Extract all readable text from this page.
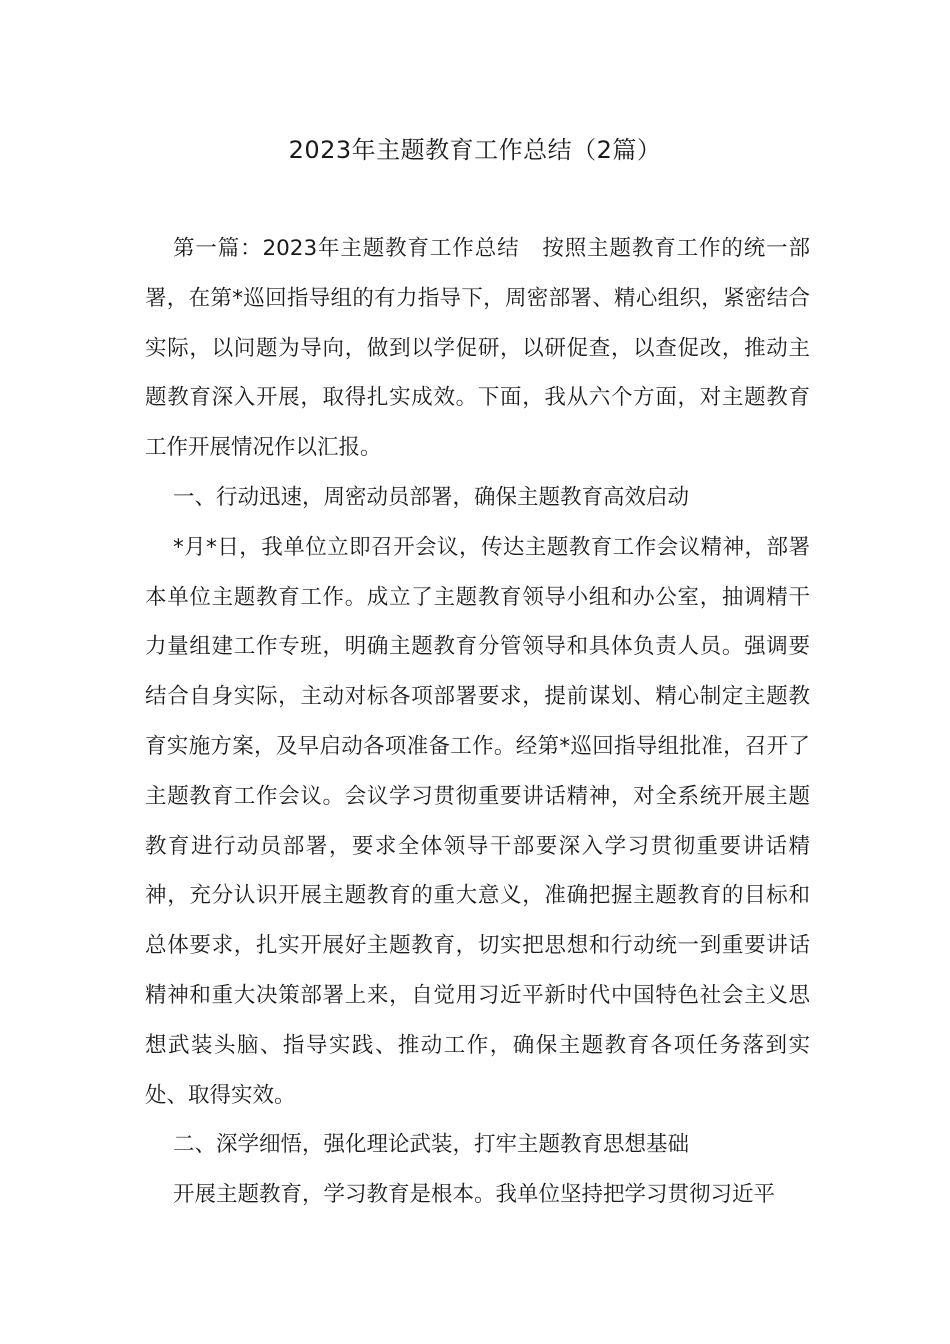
2023年主题教育工作总结（2篇）

第一篇：2023年主题教育工作总结 按照主题教育工作的统一部署，在第*巡回指导组的有力指导下，周密部署、精心组织，紧密结合实际，以问题为导向，做到以学促研，以研促查，以查促改，推动主题教育深入开展，取得扎实成效。下面，我从六个方面，对主题教育工作开展情况作以汇报。

一、行动迅速，周密动员部署，确保主题教育高效启动

*月*日，我单位立即召开会议，传达主题教育工作会议精神，部署本单位主题教育工作。成立了主题教育领导小组和办公室，抽调精干力量组建工作专班，明确主题教育分管领导和具体负责人员。强调要结合自身实际，主动对标各项部署要求，提前谋划、精心制定主题教育实施方案，及早启动各项准备工作。经第*巡回指导组批准，召开了主题教育工作会议。会议学习贯彻重要讲话精神，对全系统开展主题教育进行动员部署，要求全体领导干部要深入学习贯彻重要讲话精神，充分认识开展主题教育的重大意义，准确把握主题教育的目标和总体要求，扎实开展好主题教育，切实把思想和行动统一到重要讲话精神和重大决策部署上来，自觉用习近平新时代中国特色社会主义思想武装头脑、指导实践、推动工作，确保主题教育各项任务落到实处、取得实效。

二、深学细悟，强化理论武装，打牢主题教育思想基础

开展主题教育，学习教育是根本。我单位坚持把学习贯彻习近平
